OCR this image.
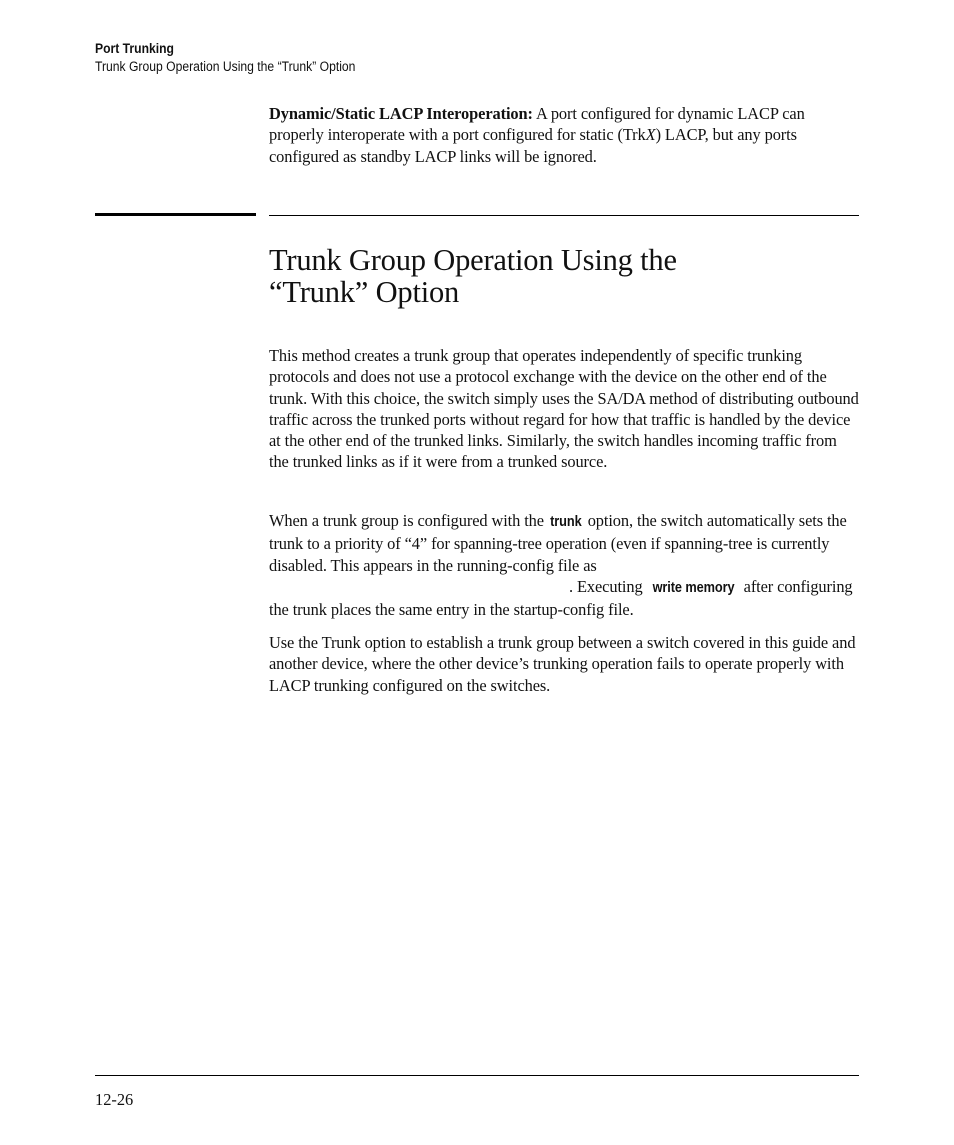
Port Trunking
Trunk Group Operation Using the “Trunk” Option

Dynamic/Static LACP Interoperation: A port configured for dynamic LACP can properly interoperate with a port configured for static (TrkX) LACP, but any ports configured as standby LACP links will be ignored.

Trunk Group Operation Using the
“Trunk” Option

This method creates a trunk group that operates independently of specific trunking protocols and does not use a protocol exchange with the device on the other end of the trunk. With this choice, the switch simply uses the SA/DA method of distributing outbound traffic across the trunked ports without regard for how that traffic is handled by the device at the other end of the trunked links. Similarly, the switch handles incoming traffic from the trunked links as if it were from a trunked source.

When a trunk group is configured with the trunk option, the switch automatically sets the trunk to a priority of “4” for spanning-tree operation (even if spanning-tree is currently disabled. This appears in the running-config file as . Executing write memory after configuring the trunk places the same entry in the startup-config file.

Use the Trunk option to establish a trunk group between a switch covered in this guide and another device, where the other device’s trunking operation fails to operate properly with LACP trunking configured on the switches.

12-26
